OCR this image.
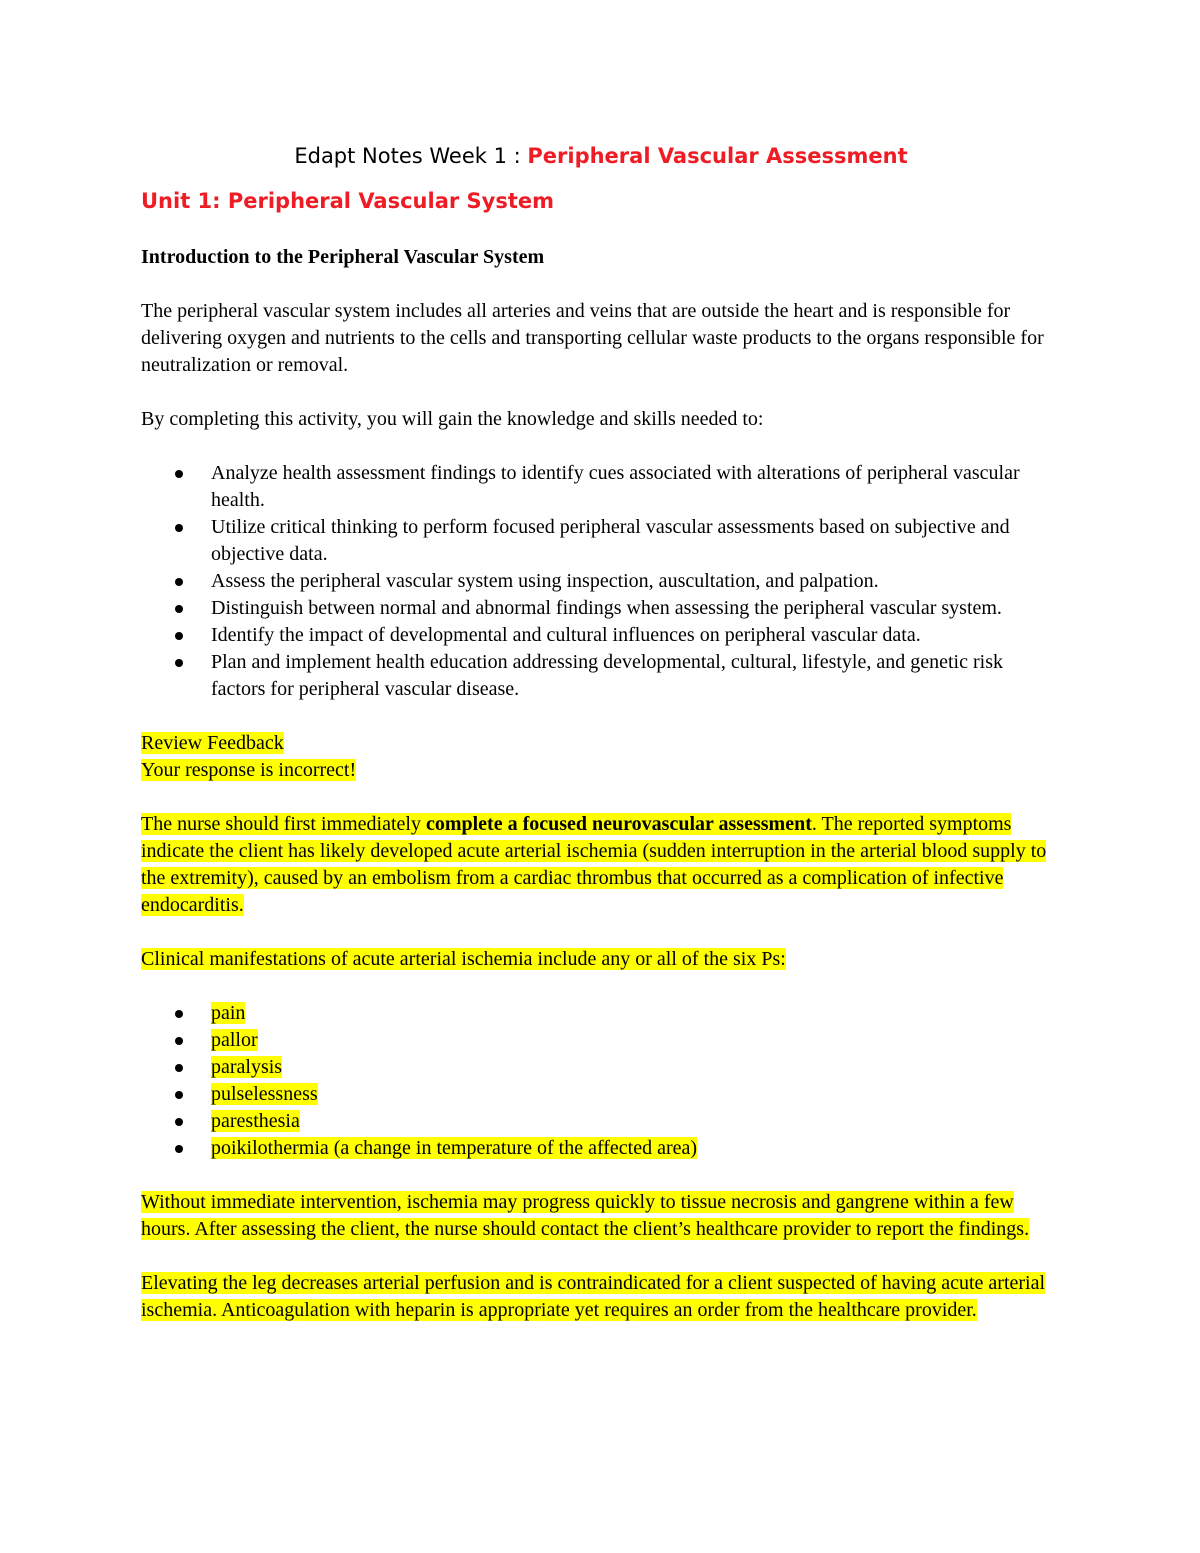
Edapt Notes Week 1 : Peripheral Vascular Assessment
Unit 1: Peripheral Vascular System
Introduction to the Peripheral Vascular System

The peripheral vascular system includes all arteries and veins that are outside the heart and is responsible for delivering oxygen and nutrients to the cells and transporting cellular waste products to the organs responsible for neutralization or removal.

By completing this activity, you will gain the knowledge and skills needed to:

Analyze health assessment findings to identify cues associated with alterations of peripheral vascular health.
Utilize critical thinking to perform focused peripheral vascular assessments based on subjective and objective data.
Assess the peripheral vascular system using inspection, auscultation, and palpation.
Distinguish between normal and abnormal findings when assessing the peripheral vascular system.
Identify the impact of developmental and cultural influences on peripheral vascular data.
Plan and implement health education addressing developmental, cultural, lifestyle, and genetic risk factors for peripheral vascular disease.
Review Feedback
Your response is incorrect!

The nurse should first immediately complete a focused neurovascular assessment. The reported symptoms indicate the client has likely developed acute arterial ischemia (sudden interruption in the arterial blood supply to the extremity), caused by an embolism from a cardiac thrombus that occurred as a complication of infective endocarditis.

Clinical manifestations of acute arterial ischemia include any or all of the six Ps:

pain
pallor
paralysis
pulselessness
paresthesia
poikilothermia (a change in temperature of the affected area)

Without immediate intervention, ischemia may progress quickly to tissue necrosis and gangrene within a few hours. After assessing the client, the nurse should contact the client’s healthcare provider to report the findings.

Elevating the leg decreases arterial perfusion and is contraindicated for a client suspected of having acute arterial ischemia. Anticoagulation with heparin is appropriate yet requires an order from the healthcare provider.
